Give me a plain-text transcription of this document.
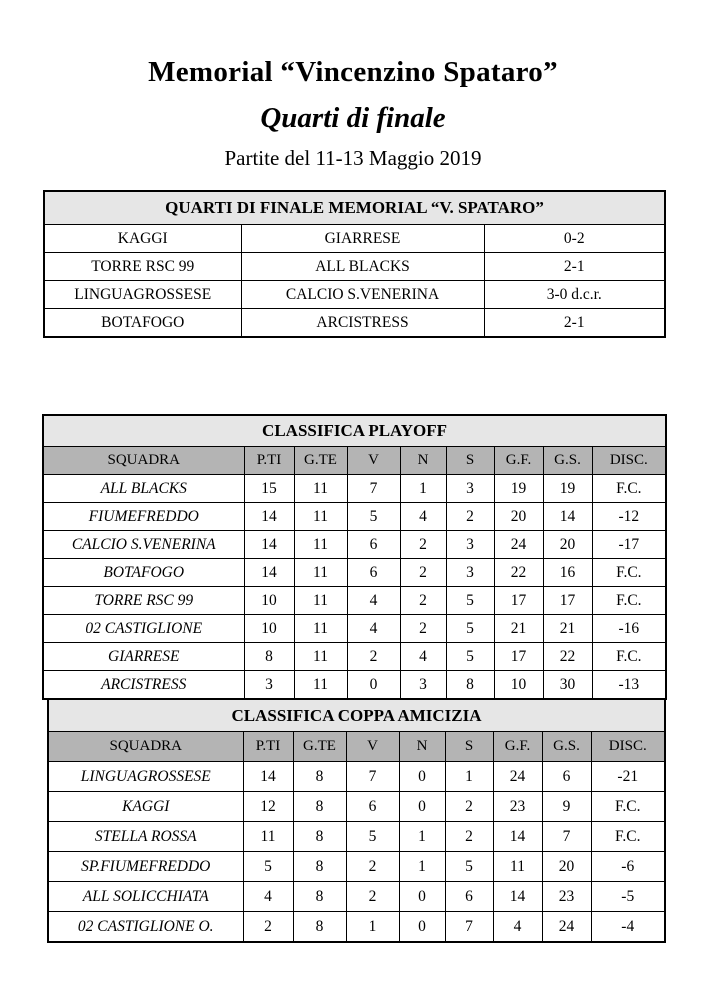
Memorial “Vincenzino Spataro”
Quarti di finale
Partite del 11-13 Maggio 2019
QUARTI DI FINALE MEMORIAL “V. SPATARO”		
KAGGI	GIARRESE	0-2
TORRE RSC 99	ALL BLACKS	2-1
LINGUAGROSSESE	CALCIO S.VENERINA	3-0 d.c.r.
BOTAFOGO	ARCISTRESS	2-1
CLASSIFICA PLAYOFF								
SQUADRA	P.TI	G.TE	V	N	S	G.F.	G.S.	DISC.
ALL BLACKS	15	11	7	1	3	19	19	F.C.
FIUMEFREDDO	14	11	5	4	2	20	14	-12
CALCIO S.VENERINA	14	11	6	2	3	24	20	-17
BOTAFOGO	14	11	6	2	3	22	16	F.C.
TORRE RSC 99	10	11	4	2	5	17	17	F.C.
02 CASTIGLIONE	10	11	4	2	5	21	21	-16
GIARRESE	8	11	2	4	5	17	22	F.C.
ARCISTRESS	3	11	0	3	8	10	30	-13
CLASSIFICA COPPA AMICIZIA								
SQUADRA	P.TI	G.TE	V	N	S	G.F.	G.S.	DISC.
LINGUAGROSSESE	14	8	7	0	1	24	6	-21
KAGGI	12	8	6	0	2	23	9	F.C.
STELLA ROSSA	11	8	5	1	2	14	7	F.C.
SP.FIUMEFREDDO	5	8	2	1	5	11	20	-6
ALL SOLICCHIATA	4	8	2	0	6	14	23	-5
02 CASTIGLIONE O.	2	8	1	0	7	4	24	-4
